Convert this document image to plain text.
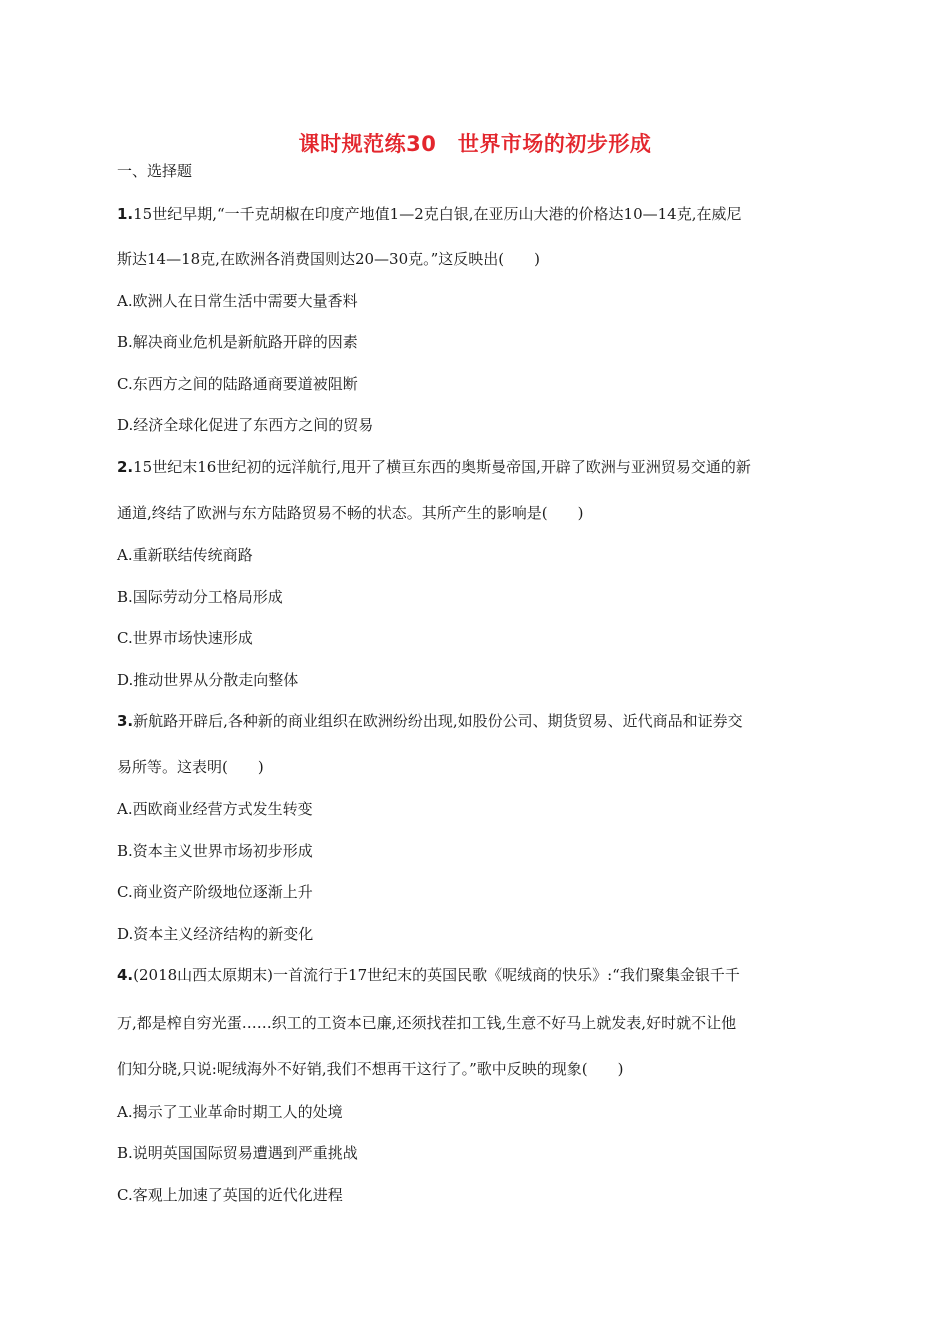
课时规范练30　世界市场的初步形成
一、选择题
1.15世纪早期,“一千克胡椒在印度产地值1—2克白银,在亚历山大港的价格达10—14克,在威尼
斯达14—18克,在欧洲各消费国则达20—30克。”这反映出(　　)
A.欧洲人在日常生活中需要大量香料
B.解决商业危机是新航路开辟的因素
C.东西方之间的陆路通商要道被阻断
D.经济全球化促进了东西方之间的贸易
2.15世纪末16世纪初的远洋航行,甩开了横亘东西的奥斯曼帝国,开辟了欧洲与亚洲贸易交通的新
通道,终结了欧洲与东方陆路贸易不畅的状态。其所产生的影响是(　　)
A.重新联结传统商路
B.国际劳动分工格局形成
C.世界市场快速形成
D.推动世界从分散走向整体
3.新航路开辟后,各种新的商业组织在欧洲纷纷出现,如股份公司、期货贸易、近代商品和证券交
易所等。这表明(　　)
A.西欧商业经营方式发生转变
B.资本主义世界市场初步形成
C.商业资产阶级地位逐渐上升
D.资本主义经济结构的新变化
4.(2018山西太原期末)一首流行于17世纪末的英国民歌《呢绒商的快乐》:“我们聚集金银千千
万,都是榨自穷光蛋……织工的工资本已廉,还须找茬扣工钱,生意不好马上就发表,好时就不让他
们知分晓,只说:呢绒海外不好销,我们不想再干这行了。”歌中反映的现象(　　)
A.揭示了工业革命时期工人的处境
B.说明英国国际贸易遭遇到严重挑战
C.客观上加速了英国的近代化进程
